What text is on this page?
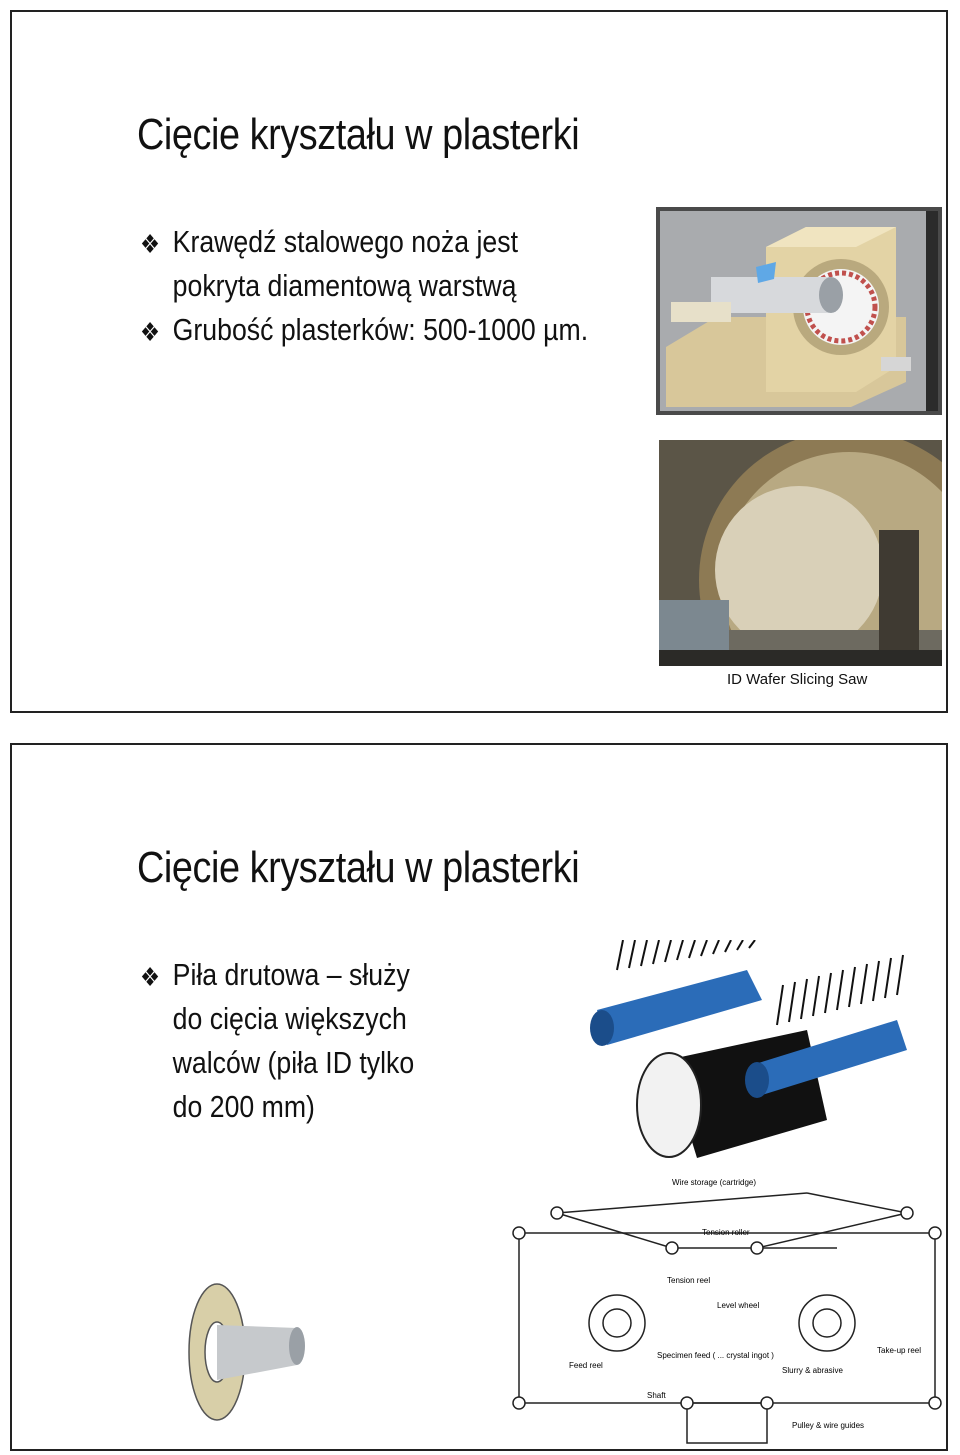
Cięcie kryształu w plasterki
❖ Krawędź stalowego noża jest
pokryta diamentową warstwą
❖ Grubość plasterków: 500-1000 µm.
ID Wafer Slicing Saw
Cięcie kryształu w plasterki
❖ Piła drutowa – służy
do cięcia większych
walców (piła ID tylko
do 200 mm)
Wire storage (cartridge)
Tension roller
Tension reel
Level wheel
Feed reel
Take-up reel
Specimen feed ( ... crystal ingot )
Slurry & abrasive
Shaft
Pulley & wire guides
